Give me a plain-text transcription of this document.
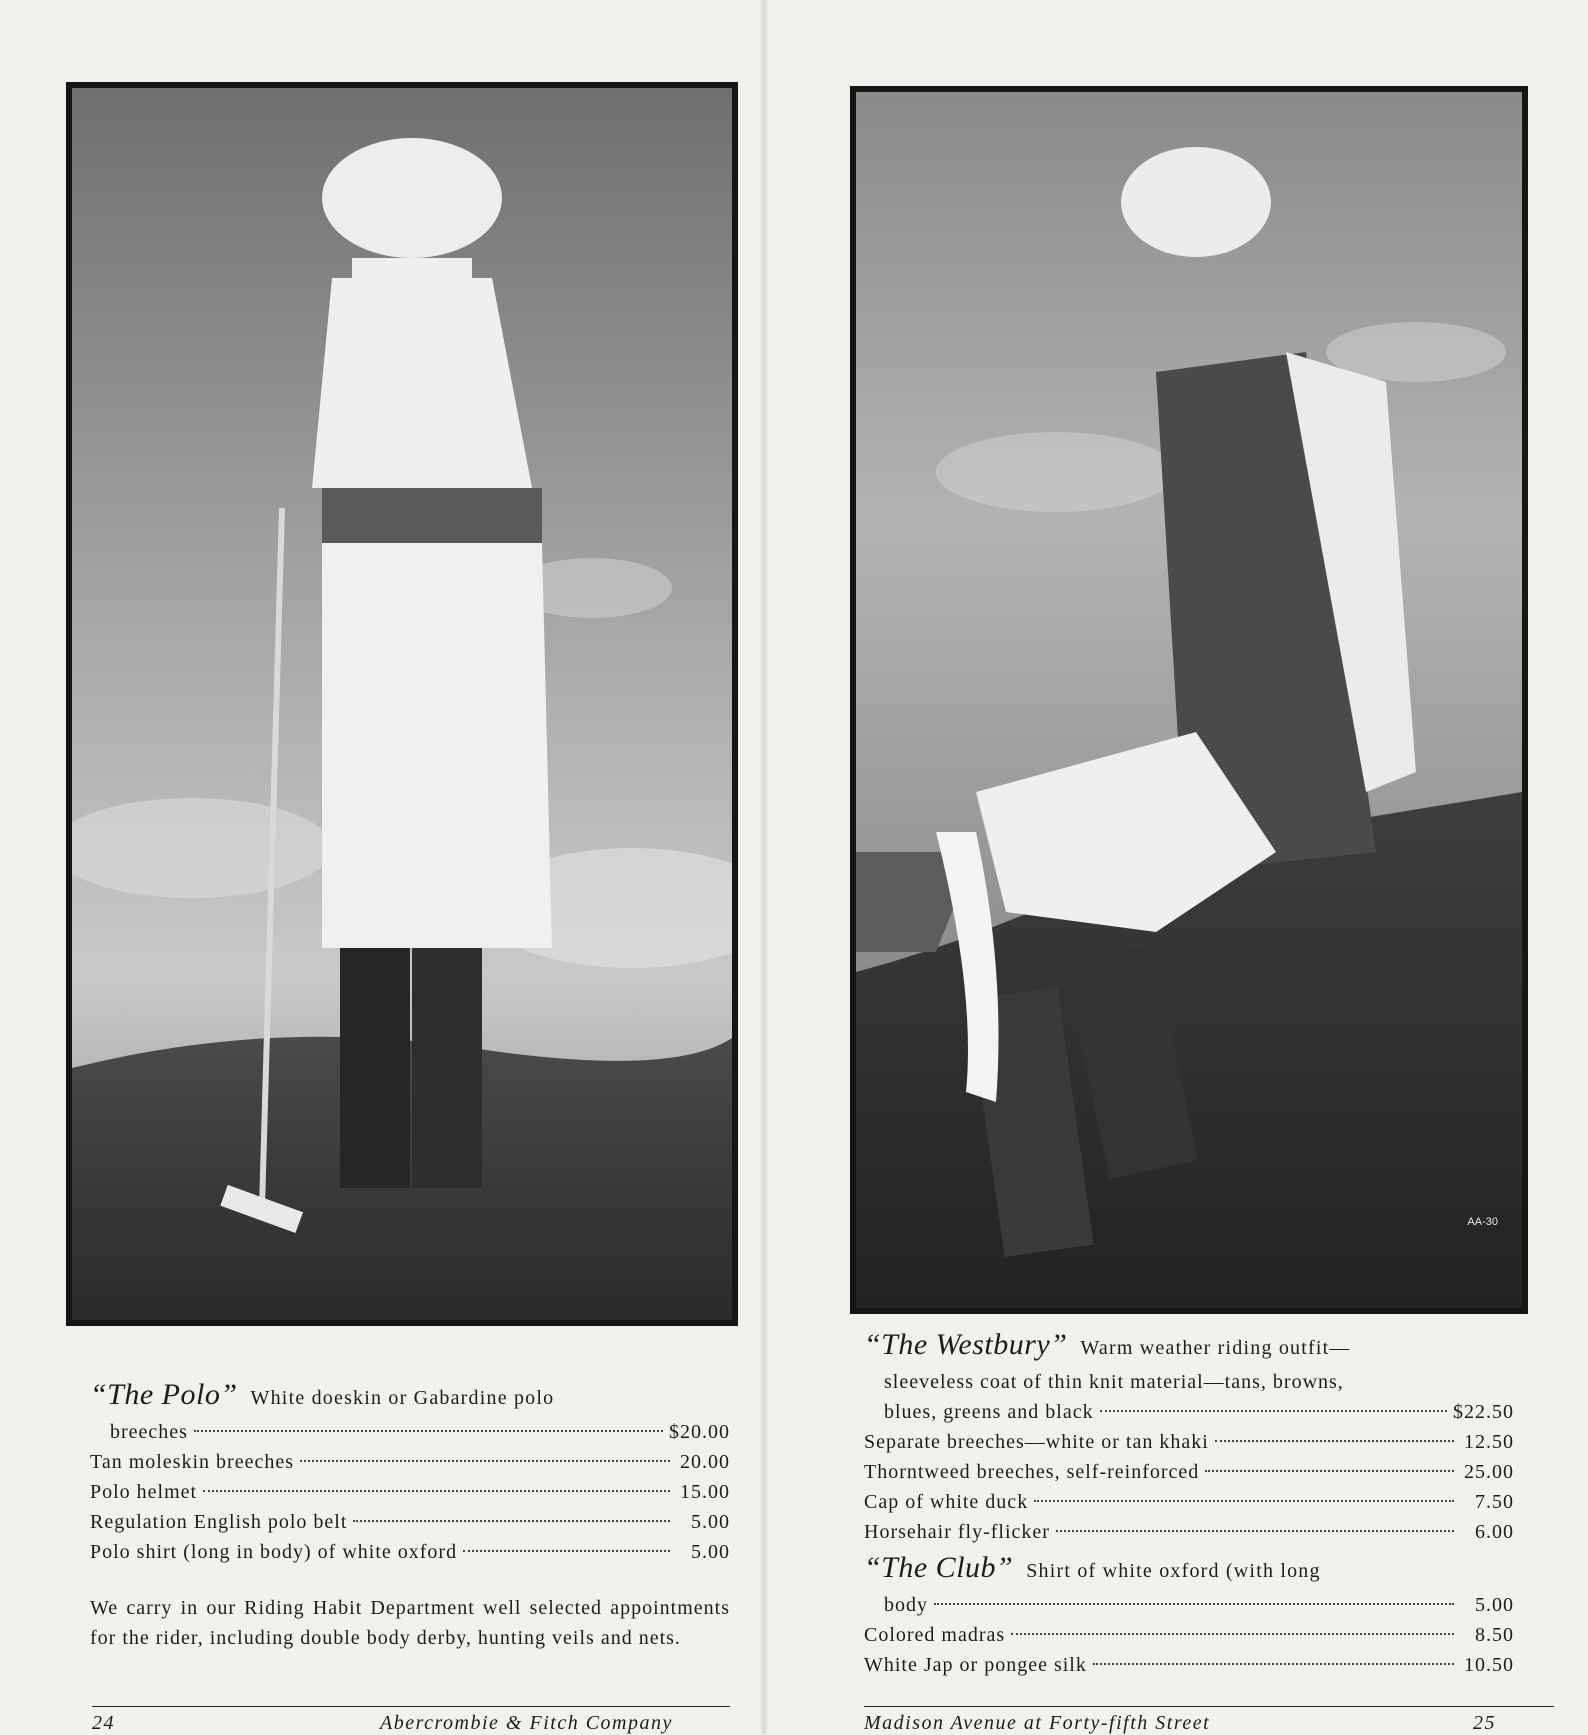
“The Polo” White doeskin or Gabardine polo

breeches	$20.00
Tan moleskin breeches	20.00
Polo helmet	15.00
Regulation English polo belt	5.00
Polo shirt (long in body) of white oxford	5.00

We carry in our Riding Habit Department well selected appointments for the rider, including double body derby, hunting veils and nets.

24	Abercrombie & Fitch Company
AA-30

“The Westbury” Warm weather riding outfit—

sleeveless coat of thin knit material—tans, browns,
blues, greens and black	$22.50
Separate breeches—white or tan khaki	12.50
Thorntweed breeches, self-reinforced	25.00
Cap of white duck	7.50
Horsehair fly-flicker	6.00

“The Club” Shirt of white oxford (with long

body	5.00
Colored madras	8.50
White Jap or pongee silk	10.50
Madison Avenue at Forty-fifth Street	25
